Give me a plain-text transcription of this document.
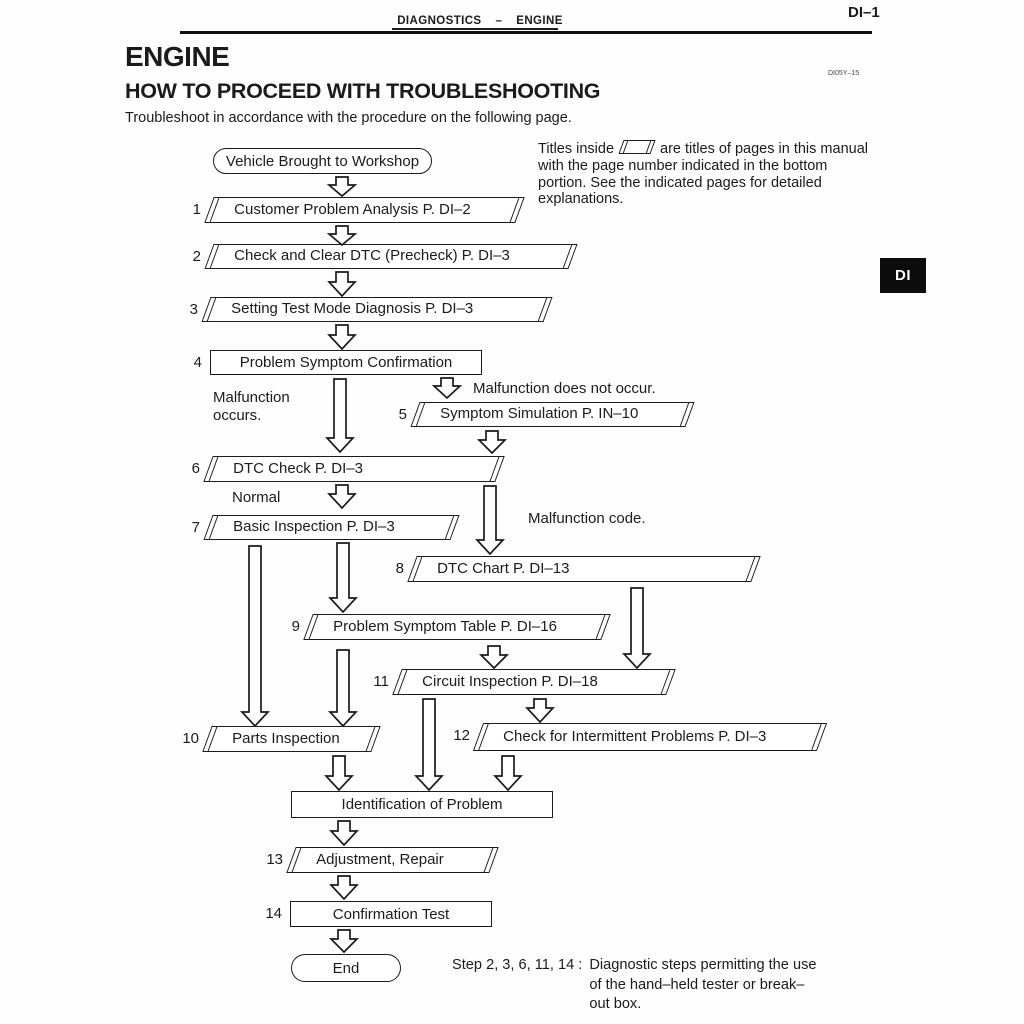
DI–1
DIAGNOSTICS – ENGINE
ENGINE
DI05Y–15
HOW TO PROCEED WITH TROUBLESHOOTING
Troubleshoot in accordance with the procedure on the following page.
DI
Titles inside	are titles of pages in this manual with the page number indicated in the bottom portion. See the indicated pages for detailed explanations.
Malfunction occurs.
Malfunction does not occur.
Normal
Malfunction code.
Vehicle Brought to Workshop
1	Customer Problem Analysis P. DI–2
2	Check and Clear DTC (Precheck) P. DI–3
3	Setting Test Mode Diagnosis P. DI–3
4	Problem Symptom Confirmation
5	Symptom Simulation P. IN–10
6	DTC Check P. DI–3
7	Basic Inspection P. DI–3
8	DTC Chart P. DI–13
9	Problem Symptom Table P. DI–16
11	Circuit Inspection P. DI–18
10	Parts Inspection	12	Check for Intermittent Problems P. DI–3
Identification of Problem
13	Adjustment, Repair
14	Confirmation Test
End	Step 2, 3, 6, 11, 14 : Diagnostic steps permitting the use of the hand–held tester or break–out box.
